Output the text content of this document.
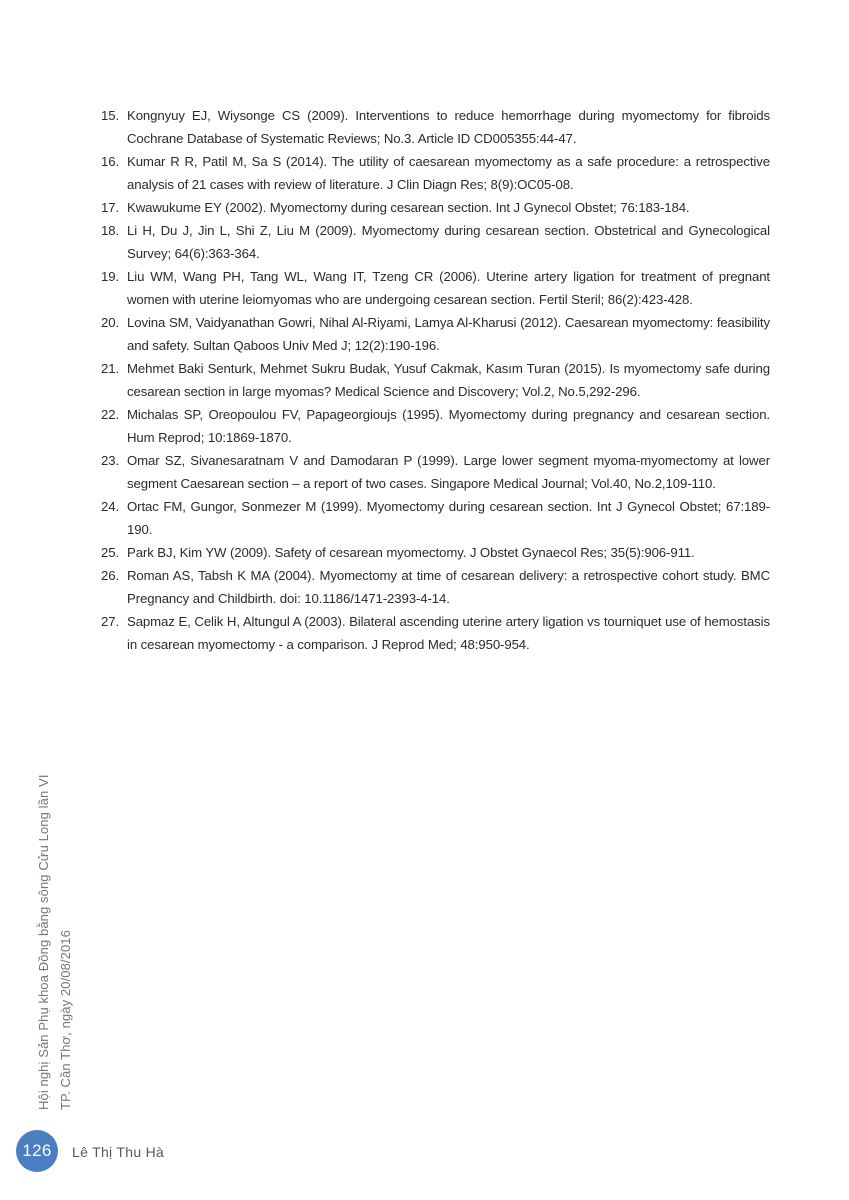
15. Kongnyuy EJ, Wiysonge CS (2009). Interventions to reduce hemorrhage during myomectomy for fibroids Cochrane Database of Systematic Reviews; No.3. Article ID CD005355:44-47.
16. Kumar R R, Patil M, Sa S (2014). The utility of caesarean myomectomy as a safe procedure: a retrospective analysis of 21 cases with review of literature. J Clin Diagn Res; 8(9):OC05-08.
17. Kwawukume EY (2002). Myomectomy during cesarean section. Int J Gynecol Obstet; 76:183-184.
18. Li H, Du J, Jin L, Shi Z, Liu M (2009). Myomectomy during cesarean section. Obstetrical and Gynecological Survey; 64(6):363-364.
19. Liu WM, Wang PH, Tang WL, Wang IT, Tzeng CR (2006). Uterine artery ligation for treatment of pregnant women with uterine leiomyomas who are undergoing cesarean section. Fertil Steril; 86(2):423-428.
20. Lovina SM, Vaidyanathan Gowri, Nihal Al-Riyami, Lamya Al-Kharusi (2012). Caesarean myomectomy: feasibility and safety. Sultan Qaboos Univ Med J; 12(2):190-196.
21. Mehmet Baki Senturk, Mehmet Sukru Budak, Yusuf Cakmak, Kasım Turan (2015). Is myomectomy safe during cesarean section in large myomas? Medical Science and Discovery; Vol.2, No.5,292-296.
22. Michalas SP, Oreopoulou FV, Papageorgioujs (1995). Myomectomy during pregnancy and cesarean section. Hum Reprod; 10:1869-1870.
23. Omar SZ, Sivanesaratnam V and Damodaran P (1999). Large lower segment myoma-myomectomy at lower segment Caesarean section – a report of two cases. Singapore Medical Journal; Vol.40, No.2,109-110.
24. Ortac FM, Gungor, Sonmezer M (1999). Myomectomy during cesarean section. Int J Gynecol Obstet; 67:189-190.
25. Park BJ, Kim YW (2009). Safety of cesarean myomectomy. J Obstet Gynaecol Res; 35(5):906-911.
26. Roman AS, Tabsh K MA (2004). Myomectomy at time of cesarean delivery: a retrospective cohort study. BMC Pregnancy and Childbirth. doi: 10.1186/1471-2393-4-14.
27. Sapmaz E, Celik H, Altungul A (2003). Bilateral ascending uterine artery ligation vs tourniquet use of hemostasis in cesarean myomectomy - a comparison. J Reprod Med; 48:950-954.
Hội nghị Sản Phụ khoa Đồng bằng sông Cửu Long lần VI TP. Cần Thơ, ngày 20/08/2016
126 Lê Thị Thu Hà
